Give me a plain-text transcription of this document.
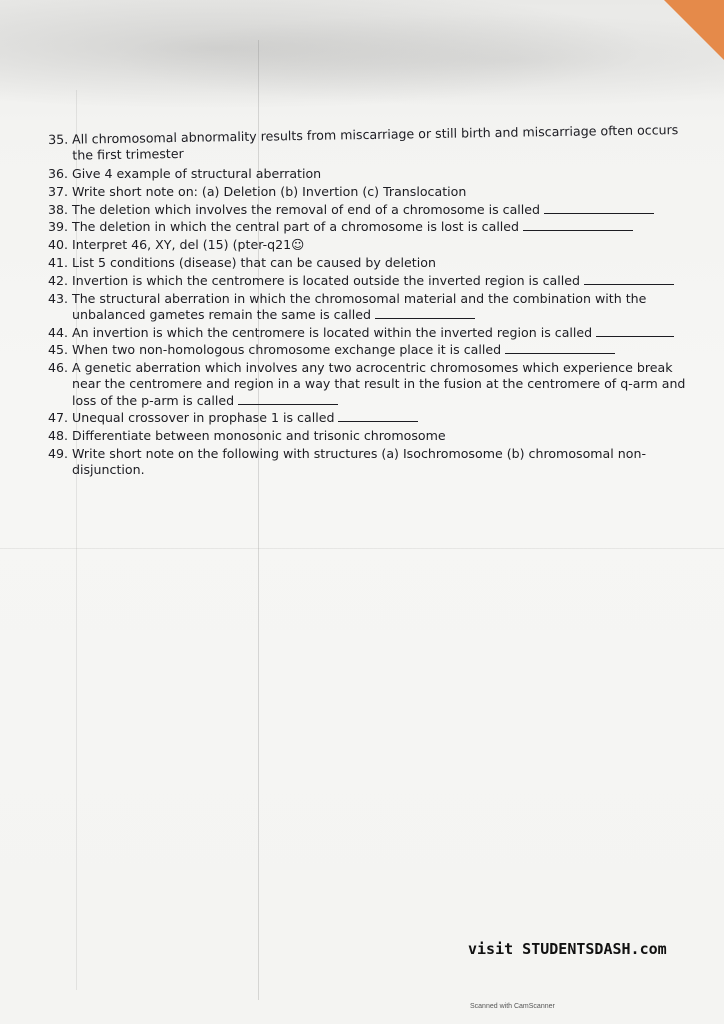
35. All chromosomal abnormality results from miscarriage or still birth and miscarriage often occurs the first trimester
36. Give 4 example of structural aberration
37. Write short note on: (a) Deletion (b) Invertion (c) Translocation
38. The deletion which involves the removal of end of a chromosome is called
39. The deletion in which the central part of a chromosome is lost is called
40. Interpret 46, XY, del (15) (pter-q21☺
41. List 5 conditions (disease) that can be caused by deletion
42. Invertion is which the centromere is located outside the inverted region is called
43. The structural aberration in which the chromosomal material and the combination with the unbalanced gametes remain the same is called
44. An invertion is which the centromere is located within the inverted region is called
45. When two non-homologous chromosome exchange place it is called
46. A genetic aberration which involves any two acrocentric chromosomes which experience break near the centromere and region in a way that result in the fusion at the centromere of q-arm and loss of the p-arm is called
47. Unequal crossover in prophase 1 is called
48. Differentiate between monosonic and trisonic chromosome
49. Write short note on the following with structures (a) Isochromosome (b) chromosomal non-disjunction.
visit STUDENTSDASH.com
Scanned with CamScanner
